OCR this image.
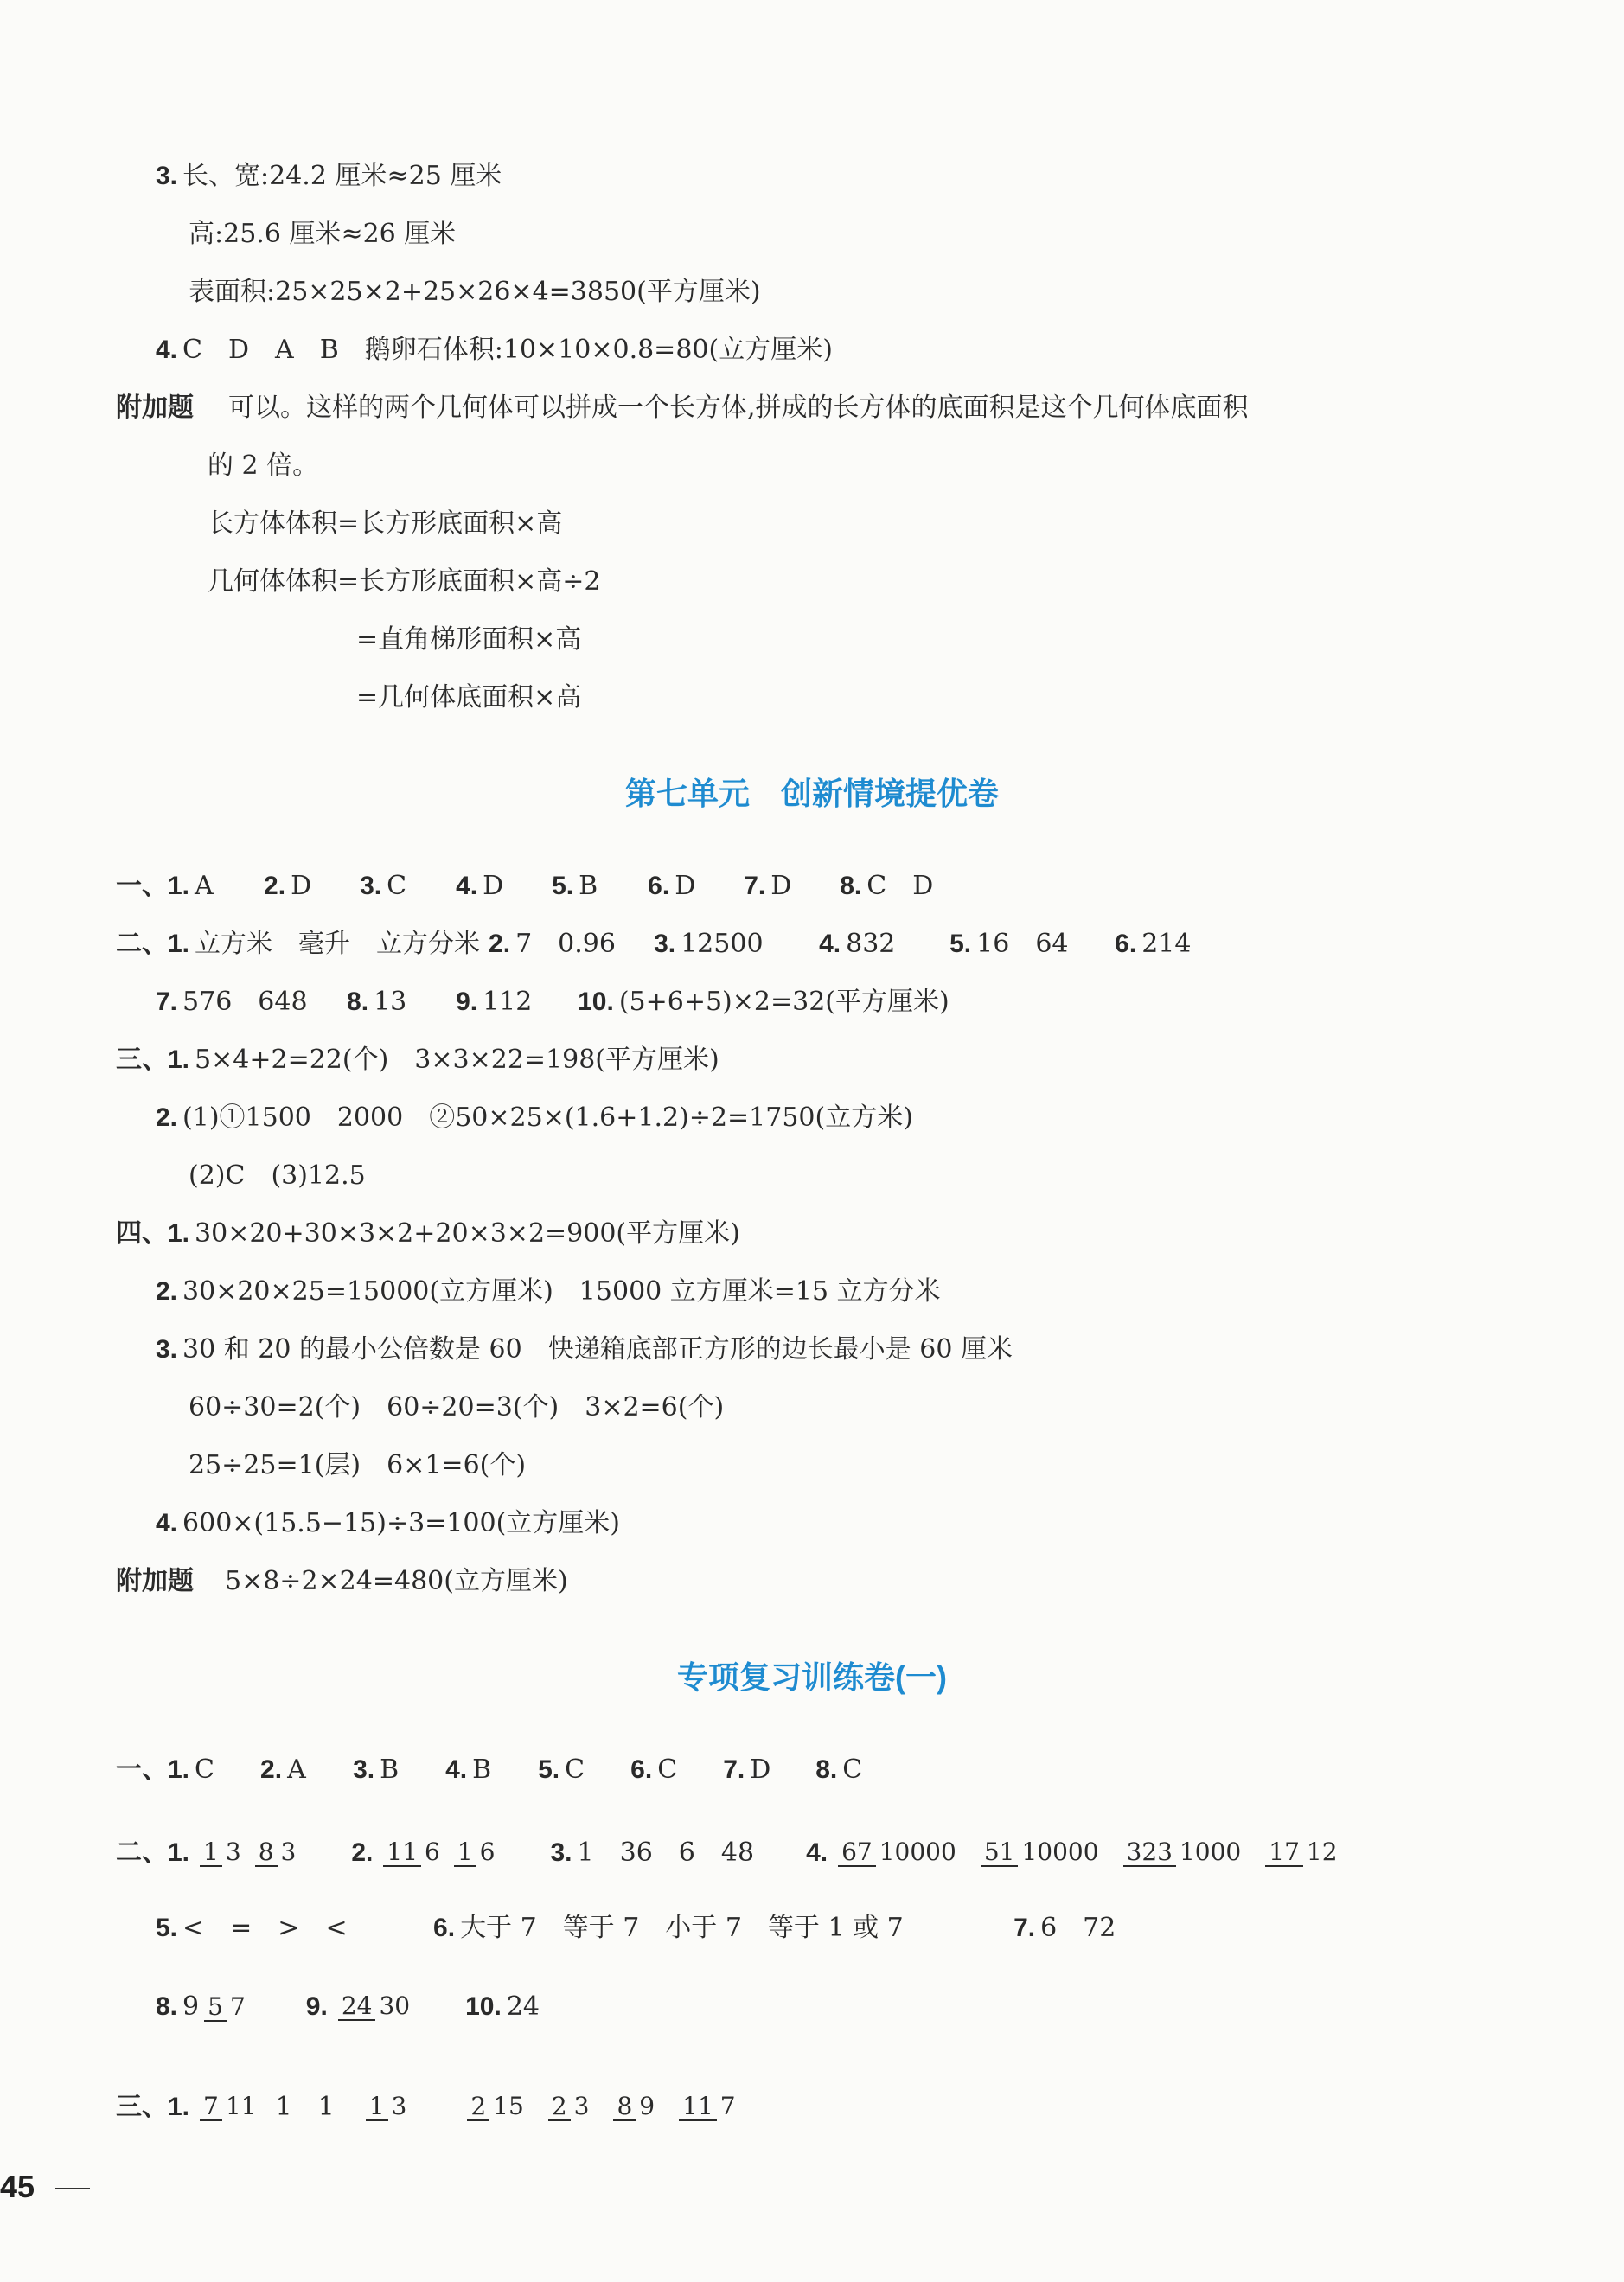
3. 长、宽:24.2 厘米≈25 厘米
高:25.6 厘米≈26 厘米
表面积:25×25×2+25×26×4=3850(平方厘米)
4. C　D　A　B　鹅卵石体积:10×10×0.8=80(立方厘米)
附加题 可以。这样的两个几何体可以拼成一个长方体,拼成的长方体的底面积是这个几何体底面积
的 2 倍。
长方体体积=长方形底面积×高
几何体体积=长方形底面积×高÷2
=直角梯形面积×高
=几何体底面积×高
第七单元　创新情境提优卷
一、1. A 2. D 3. C 4. D 5. B 6. D 7. D 8. C　D
二、1. 立方米　毫升　立方分米 2. 7　0.96 3. 12500 4. 832 5. 16　64 6. 214
7. 576　648 8. 13 9. 112 10. (5+6+5)×2=32(平方厘米)
三、1. 5×4+2=22(个)　3×3×22=198(平方厘米)
2. (1)①1500　2000　②50×25×(1.6+1.2)÷2=1750(立方米)
(2)C　(3)12.5
四、1. 30×20+30×3×2+20×3×2=900(平方厘米)
2. 30×20×25=15000(立方厘米)　15000 立方厘米=15 立方分米
3. 30 和 20 的最小公倍数是 60　快递箱底部正方形的边长最小是 60 厘米
60÷30=2(个)　60÷20=3(个)　3×2=6(个)
25÷25=1(层)　6×1=6(个)
4. 600×(15.5−15)÷3=100(立方厘米)
附加题 5×8÷2×24=480(立方厘米)
专项复习训练卷(一)
一、1. C 2. A 3. B 4. B 5. C 6. C 7. D 8. C
二、 1. 1 3 8 3 2. 11 6 1 6 3. 1　36　6　48 4. 67 10000 51 10000 323 1000 17 12
5. <　=　>　<	6. 大于 7　等于 7　小于 7　等于 1 或 7	7. 6　72
8. 9 5 7	9. 24 30 10. 24
三、 1. 7 11 1 1 1 3	2 15 2 3 8 9 11 7
45
